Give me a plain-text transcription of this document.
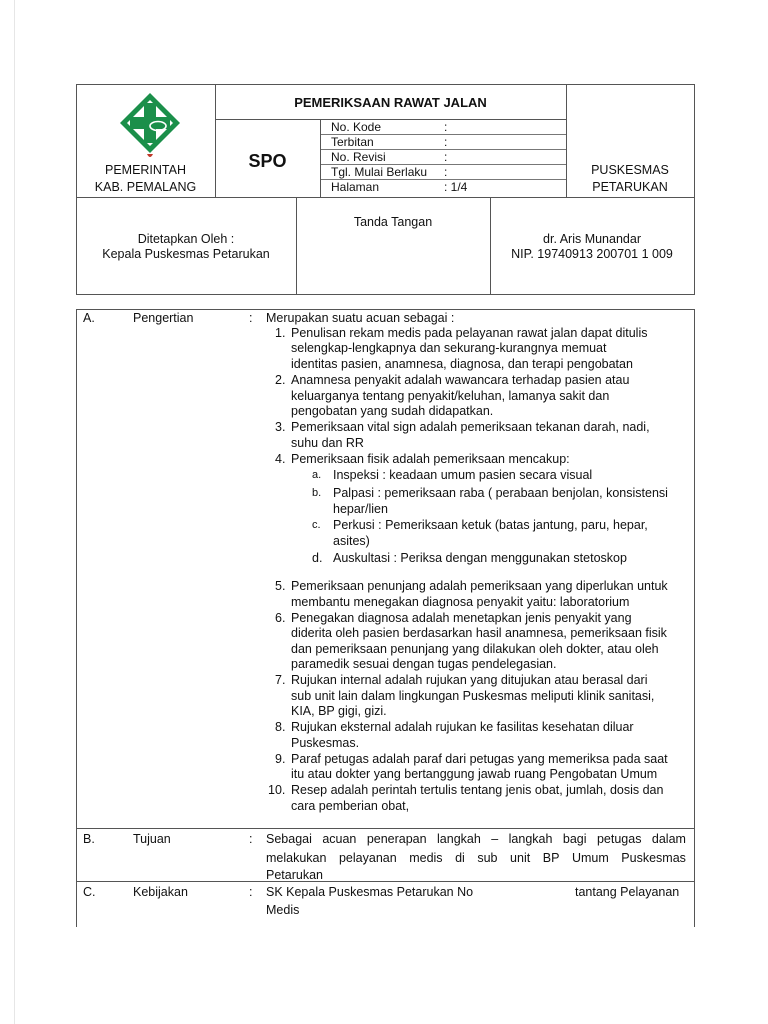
PEMERINTAH
KAB. PEMALANG
PEMERIKSAAN RAWAT JALAN
SPO
No. Kode	:
Terbitan	:
No. Revisi	:
Tgl. Mulai Berlaku :
Halaman	: 1/4
PUSKESMAS
PETARUKAN
Ditetapkan Oleh :
Kepala Puskesmas Petarukan
Tanda Tangan
dr. Aris Munandar
NIP. 19740913 200701 1 009
A.	Pengertian	: Merupakan suatu acuan sebagai :
1. Penulisan rekam medis pada pelayanan rawat jalan dapat ditulis
selengkap-lengkapnya dan sekurang-kurangnya memuat
identitas pasien, anamnesa, diagnosa, dan terapi pengobatan
2. Anamnesa penyakit adalah wawancara terhadap pasien atau
keluarganya tentang penyakit/keluhan, lamanya sakit dan
pengobatan yang sudah didapatkan.
3. Pemeriksaan vital sign adalah pemeriksaan tekanan darah, nadi,
suhu dan RR
4. Pemeriksaan fisik adalah pemeriksaan mencakup:
a. Inspeksi : keadaan umum pasien secara visual
b. Palpasi : pemeriksaan raba ( perabaan benjolan, konsistensi
hepar/lien
c. Perkusi : Pemeriksaan ketuk (batas jantung, paru, hepar,
asites)
d. Auskultasi : Periksa dengan menggunakan stetoskop
5. Pemeriksaan penunjang adalah pemeriksaan yang diperlukan untuk
membantu menegakan diagnosa penyakit yaitu: laboratorium
6. Penegakan diagnosa adalah menetapkan jenis penyakit yang
diderita oleh pasien berdasarkan hasil anamnesa, pemeriksaan fisik
dan pemeriksaan penunjang yang dilakukan oleh dokter, atau oleh
paramedik sesuai dengan tugas pendelegasian.
7. Rujukan internal adalah rujukan yang ditujukan atau berasal dari
sub unit lain dalam lingkungan Puskesmas meliputi klinik sanitasi,
KIA, BP gigi, gizi.
8. Rujukan eksternal adalah rujukan ke fasilitas kesehatan diluar
Puskesmas.
9. Paraf petugas adalah paraf dari petugas yang memeriksa pada saat
itu atau dokter yang bertanggung jawab ruang Pengobatan Umum
10. Resep adalah perintah tertulis tentang jenis obat, jumlah, dosis dan
cara pemberian obat,
B.	Tujuan	: Sebagai acuan penerapan langkah – langkah bagi petugas dalam
melakukan pelayanan medis di sub unit BP Umum Puskesmas
Petarukan
C.	Kebijakan	: SK Kepala Puskesmas Petarukan No	tantang Pelayanan
Medis
